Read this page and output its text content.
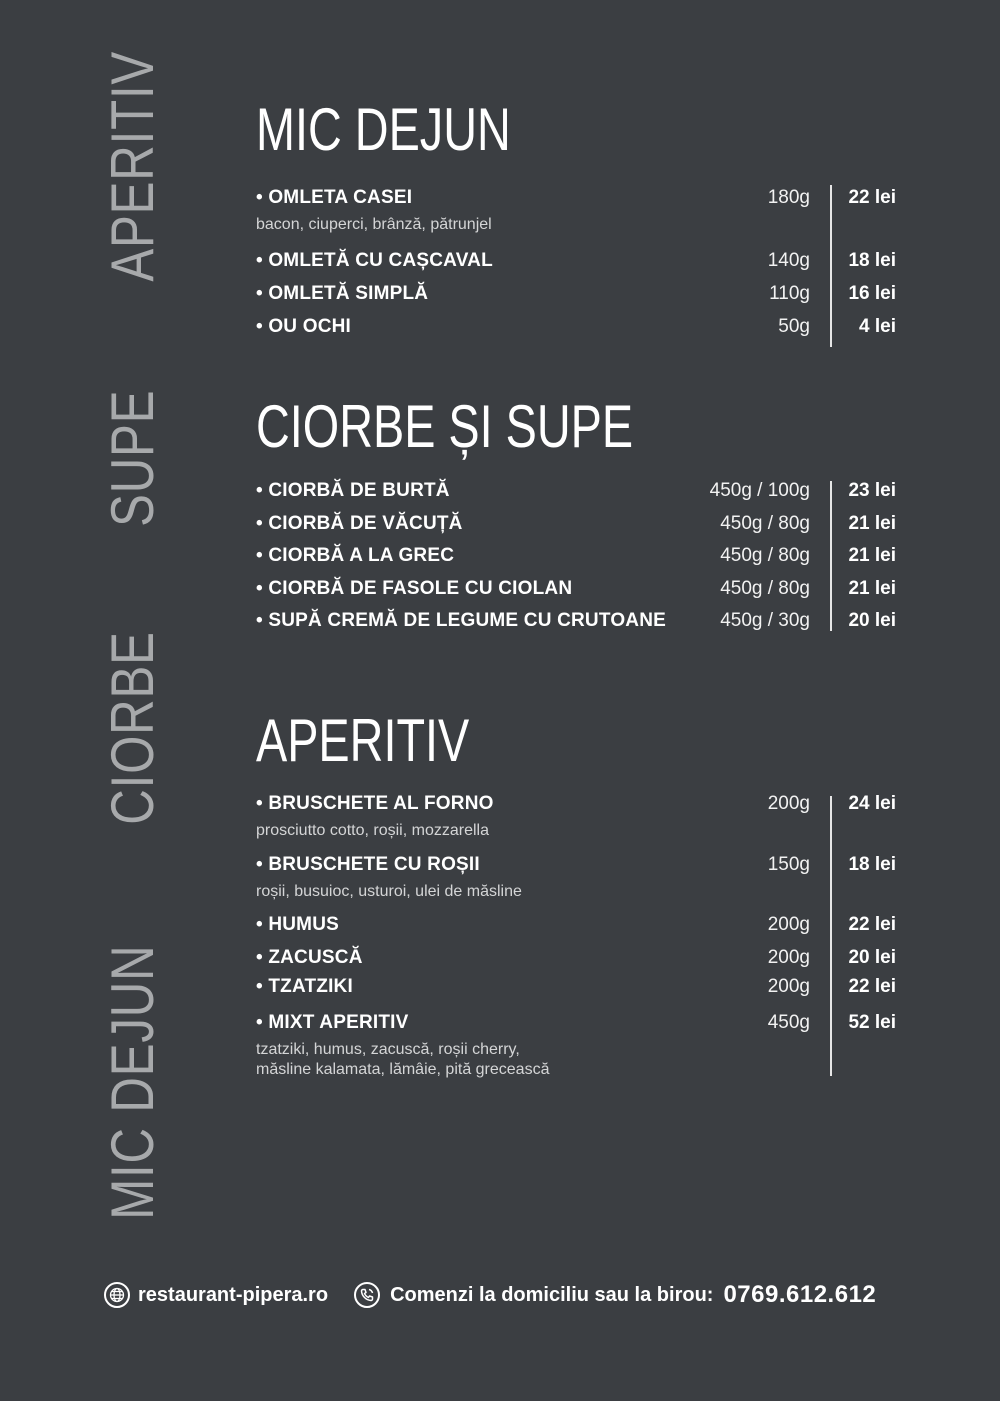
MIC DEJUN
CIORBE
SUPE
APERITIV MIC DEJUN
• OMLETA CASEI	180g	22 lei
bacon, ciuperci, brânză, pătrunjel
• OMLETĂ CU CAȘCAVAL	140g	18 lei
• OMLETĂ SIMPLĂ	110g	16 lei
• OU OCHI	50g	4 lei
CIORBE ȘI SUPE
• CIORBĂ DE BURTĂ	450g / 100g	23 lei
• CIORBĂ DE VĂCUȚĂ	450g / 80g	21 lei
• CIORBĂ A LA GREC	450g / 80g	21 lei
• CIORBĂ DE FASOLE CU CIOLAN	450g / 80g	21 lei
• SUPĂ CREMĂ DE LEGUME CU CRUTOANE	450g / 30g	20 lei
APERITIV
• BRUSCHETE AL FORNO	200g	24 lei
prosciutto cotto, roșii, mozzarella
• BRUSCHETE CU ROȘII	150g	18 lei
roșii, busuioc, usturoi, ulei de măsline
• HUMUS	200g	22 lei
• ZACUSCĂ	200g	20 lei
• TZATZIKI	200g	22 lei
• MIXT APERITIV	450g	52 lei
tzatziki, humus, zacuscă, roșii cherry,
măsline kalamata, lămâie, pită grecească
restaurant-pipera.ro	Comenzi la domiciliu sau la birou: 0769.612.612
